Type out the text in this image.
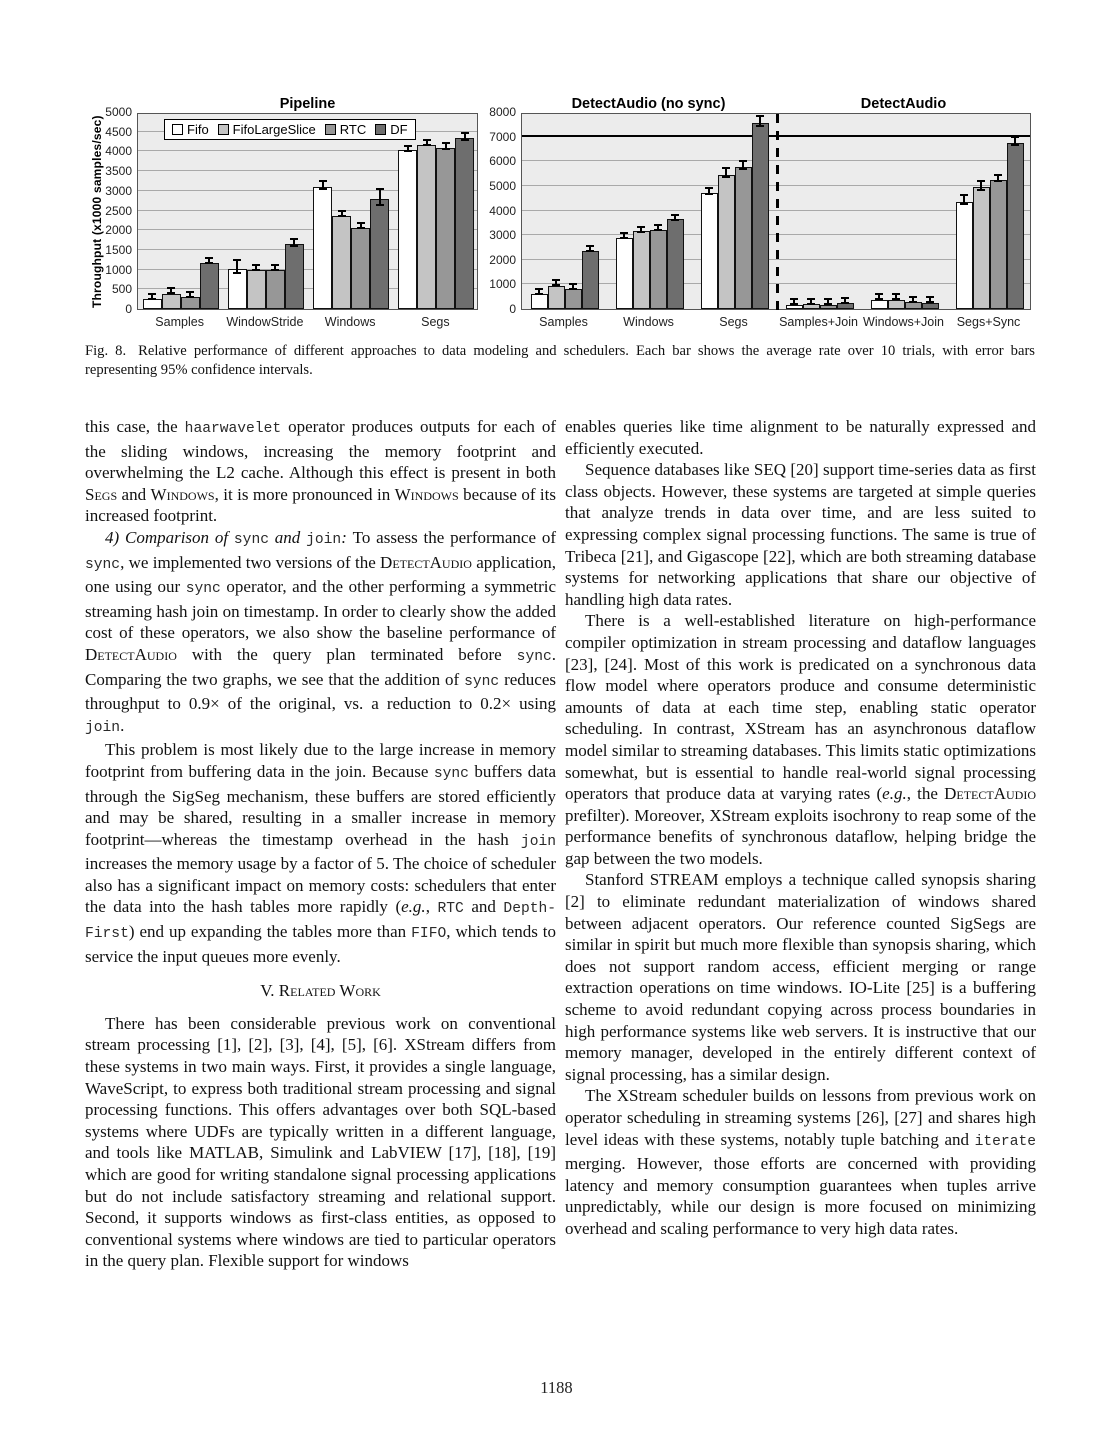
Pipeline
Throughput (x1000 samples/sec)	Fifo FifoLargeSlice RTC DF
0
500
1000
1500
2000
2500
3000
3500
4000
4500
5000
Samples WindowStride Windows	Segs
DetectAudio (no sync)	DetectAudio
0
1000
2000
3000
4000
5000
6000
7000
8000
Samples	Windows	Segs	Samples+Join Windows+Join Segs+Sync
Fig. 8. Relative performance of different approaches to data modeling and schedulers. Each bar shows the average rate over 10 trials, with error bars representing 95% confidence intervals.

this case, the haarwavelet operator produces outputs for each of the sliding windows, increasing the memory footprint and overwhelming the L2 cache. Although this effect is present in both Segs and Windows, it is more pronounced in Windows because of its increased footprint.

4) Comparison of sync and join: To assess the performance of sync, we implemented two versions of the DetectAudio application, one using our sync operator, and the other performing a symmetric streaming hash join on timestamp. In order to clearly show the added cost of these operators, we also show the baseline performance of DetectAudio with the query plan terminated before sync. Comparing the two graphs, we see that the addition of sync reduces throughput to 0.9× of the original, vs. a reduction to 0.2× using join.

This problem is most likely due to the large increase in memory footprint from buffering data in the join. Because sync buffers data through the SigSeg mechanism, these buffers are stored efficiently and may be shared, resulting in a smaller increase in memory footprint—whereas the timestamp overhead in the hash join increases the memory usage by a factor of 5. The choice of scheduler also has a significant impact on memory costs: schedulers that enter the data into the hash tables more rapidly (e.g., RTC and Depth-First) end up expanding the tables more than FIFO, which tends to service the input queues more evenly.

V. Related Work

There has been considerable previous work on conventional stream processing [1], [2], [3], [4], [5], [6]. XStream differs from these systems in two main ways. First, it provides a single language, WaveScript, to express both traditional stream processing and signal processing functions. This offers advantages over both SQL-based systems where UDFs are typically written in a different language, and tools like MATLAB, Simulink and LabVIEW [17], [18], [19] which are good for writing standalone signal processing applications but do not include satisfactory streaming and relational support. Second, it supports windows as first-class entities, as opposed to conventional systems where windows are tied to particular operators in the query plan. Flexible support for windows

enables queries like time alignment to be naturally expressed and efficiently executed.

Sequence databases like SEQ [20] support time-series data as first class objects. However, these systems are targeted at simple queries that analyze trends in data over time, and are less suited to expressing complex signal processing functions. The same is true of Tribeca [21], and Gigascope [22], which are both streaming database systems for networking applications that share our objective of handling high data rates.

There is a well-established literature on high-performance compiler optimization in stream processing and dataflow languages [23], [24]. Most of this work is predicated on a synchronous data flow model where operators produce and consume deterministic amounts of data at each time step, enabling static operator scheduling. In contrast, XStream has an asynchronous dataflow model similar to streaming databases. This limits static optimizations somewhat, but is essential to handle real-world signal processing operators that produce data at varying rates (e.g., the DetectAudio prefilter). Moreover, XStream exploits isochrony to reap some of the performance benefits of synchronous dataflow, helping bridge the gap between the two models.

Stanford STREAM employs a technique called synopsis sharing [2] to eliminate redundant materialization of windows shared between adjacent operators. Our reference counted SigSegs are similar in spirit but much more flexible than synopsis sharing, which does not support random access, efficient merging or range extraction operations on time windows. IO-Lite [25] is a buffering scheme to avoid redundant copying across process boundaries in high performance systems like web servers. It is instructive that our memory manager, developed in the entirely different context of signal processing, has a similar design.

The XStream scheduler builds on lessons from previous work on operator scheduling in streaming systems [26], [27] and shares high level ideas with these systems, notably tuple batching and iterate merging. However, those efforts are concerned with providing latency and memory consumption guarantees when tuples arrive unpredictably, while our design is more focused on minimizing overhead and scaling performance to very high data rates.

1188
